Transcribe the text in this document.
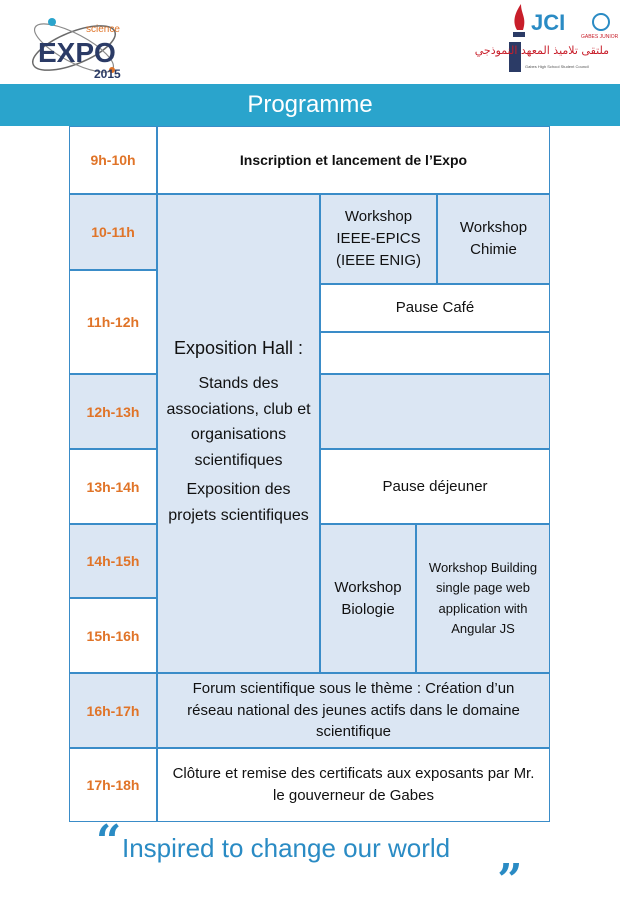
science
EXPO
2015
JCI
GABES JUNIOR
ملتقى تلاميذ المعهد النموذجي
Gabes High School Student Council
Programme
9h-10h
10-11h
11h-12h
12h-13h
13h-14h
14h-15h
15h-16h
16h-17h
17h-18h
Inscription et lancement de l’Expo
Exposition Hall :
Stands des associations, club et organisations scientifiques
Exposition des projets scientifiques
Workshop IEEE-EPICS (IEEE ENIG)
Workshop Chimie
Pause Café
Pause déjeuner
Workshop Biologie
Workshop Building single page web application with Angular JS
Forum scientifique sous le thème : Création d’un réseau national des jeunes actifs dans le domaine scientifique
Clôture et remise des certificats aux exposants par Mr. le gouverneur de Gabes
“ Inspired to change our world „
